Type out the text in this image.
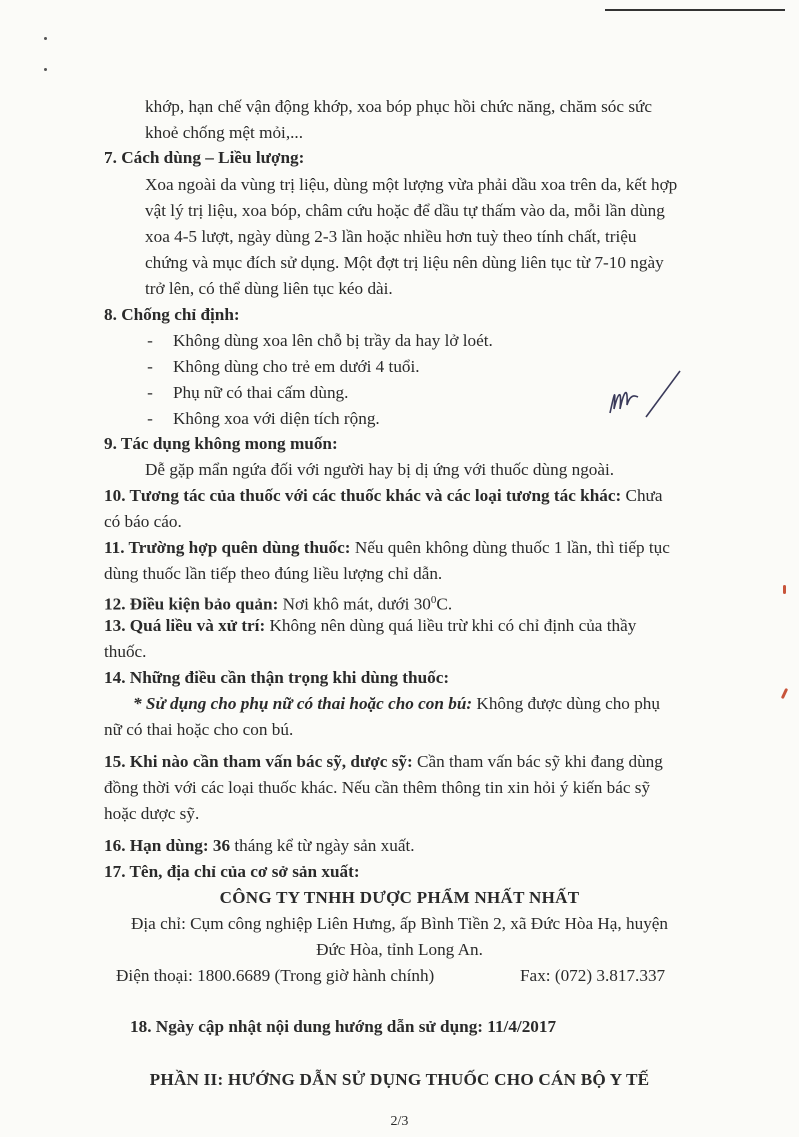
khớp, hạn chế vận động khớp, xoa bóp phục hồi chức năng, chăm sóc sức
khoẻ chống mệt mỏi,...
7. Cách dùng – Liều lượng:
Xoa ngoài da vùng trị liệu, dùng một lượng vừa phải dầu xoa trên da, kết hợp
vật lý trị liệu, xoa bóp, châm cứu hoặc để dầu tự thấm vào da, mỗi lần dùng
xoa 4-5 lượt, ngày dùng 2-3 lần hoặc nhiều hơn tuỳ theo tính chất, triệu
chứng và mục đích sử dụng. Một đợt trị liệu nên dùng liên tục từ 7-10 ngày
trở lên, có thể dùng liên tục kéo dài.
8. Chống chỉ định:
-	Không dùng xoa lên chỗ bị trầy da hay lở loét.
-	Không dùng cho trẻ em dưới 4 tuổi.
-	Phụ nữ có thai cấm dùng.
-	Không xoa với diện tích rộng.
9. Tác dụng không mong muốn:
Dễ gặp mẩn ngứa đối với người hay bị dị ứng với thuốc dùng ngoài.
10. Tương tác của thuốc với các thuốc khác và các loại tương tác khác: Chưa
có báo cáo.
11. Trường hợp quên dùng thuốc: Nếu quên không dùng thuốc 1 lần, thì tiếp tục
dùng thuốc lần tiếp theo đúng liều lượng chỉ dẫn.
12. Điều kiện bảo quản: Nơi khô mát, dưới $30^0C$.
13. Quá liều và xử trí: Không nên dùng quá liều trừ khi có chỉ định của thầy
thuốc.
14. Những điều cần thận trọng khi dùng thuốc:
* Sử dụng cho phụ nữ có thai hoặc cho con bú: Không được dùng cho phụ
nữ có thai hoặc cho con bú.
15. Khi nào cần tham vấn bác sỹ, dược sỹ: Cần tham vấn bác sỹ khi đang dùng
đồng thời với các loại thuốc khác. Nếu cần thêm thông tin xin hỏi ý kiến bác sỹ
hoặc dược sỹ.
16. Hạn dùng: 36 tháng kể từ ngày sản xuất.
17. Tên, địa chỉ của cơ sở sản xuất:
CÔNG TY TNHH DƯỢC PHẨM NHẤT NHẤT
Địa chỉ: Cụm công nghiệp Liên Hưng, ấp Bình Tiền 2, xã Đức Hòa Hạ, huyện
Đức Hòa, tỉnh Long An.
Điện thoại: 1800.6689 (Trong giờ hành chính)	Fax: (072) 3.817.337
18. Ngày cập nhật nội dung hướng dẫn sử dụng: 11/4/2017
PHẦN II: HƯỚNG DẪN SỬ DỤNG THUỐC CHO CÁN BỘ Y TẾ
2/3
